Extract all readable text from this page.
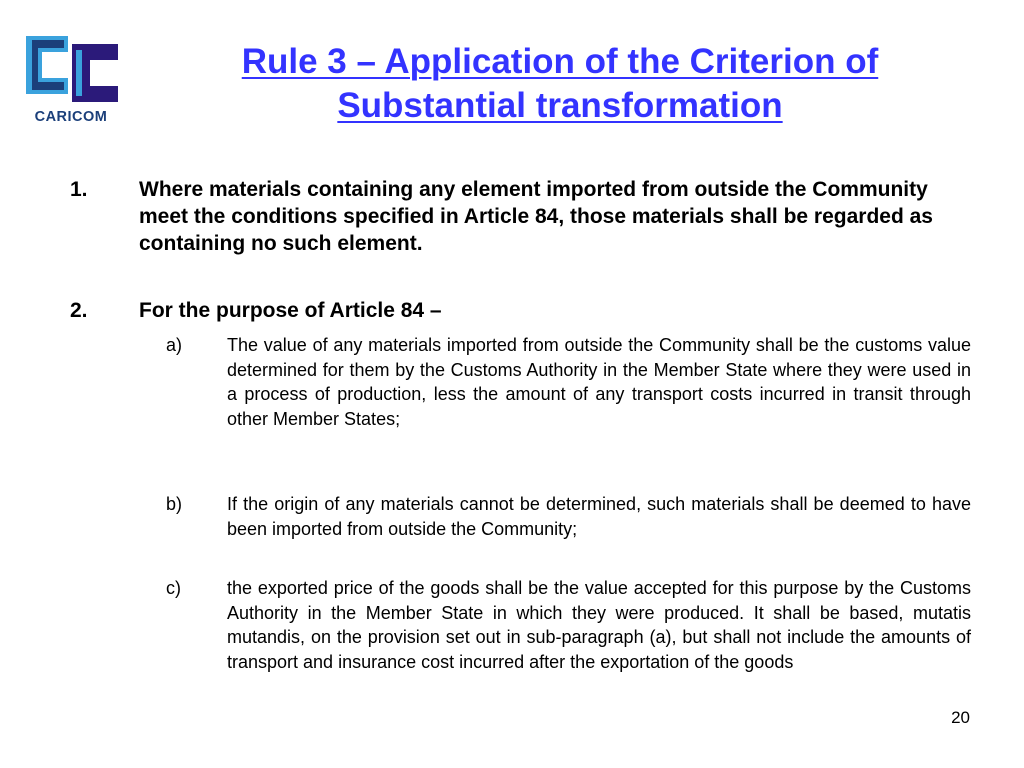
CARICOM
Rule 3 – Application of the Criterion of Substantial transformation
1. Where materials containing any element imported from outside the Community meet the conditions specified in Article 84, those materials shall be regarded as containing no such element.
2. For the purpose of Article 84 –
a) The value of any materials imported from outside the Community shall be the customs value determined for them by the Customs Authority in the Member State where they were used in a process of production, less the amount of any transport costs incurred in transit through other Member States;
b) If the origin of any materials cannot be determined, such materials shall be deemed to have been imported from outside the Community;
c)	the exported price of the goods shall be the value accepted for this purpose by the Customs Authority in the Member State in which they were produced. It shall be based, mutatis mutandis, on the provision set out in sub-paragraph (a), but shall not include the amounts of transport and insurance cost incurred after the exportation of the goods
20
